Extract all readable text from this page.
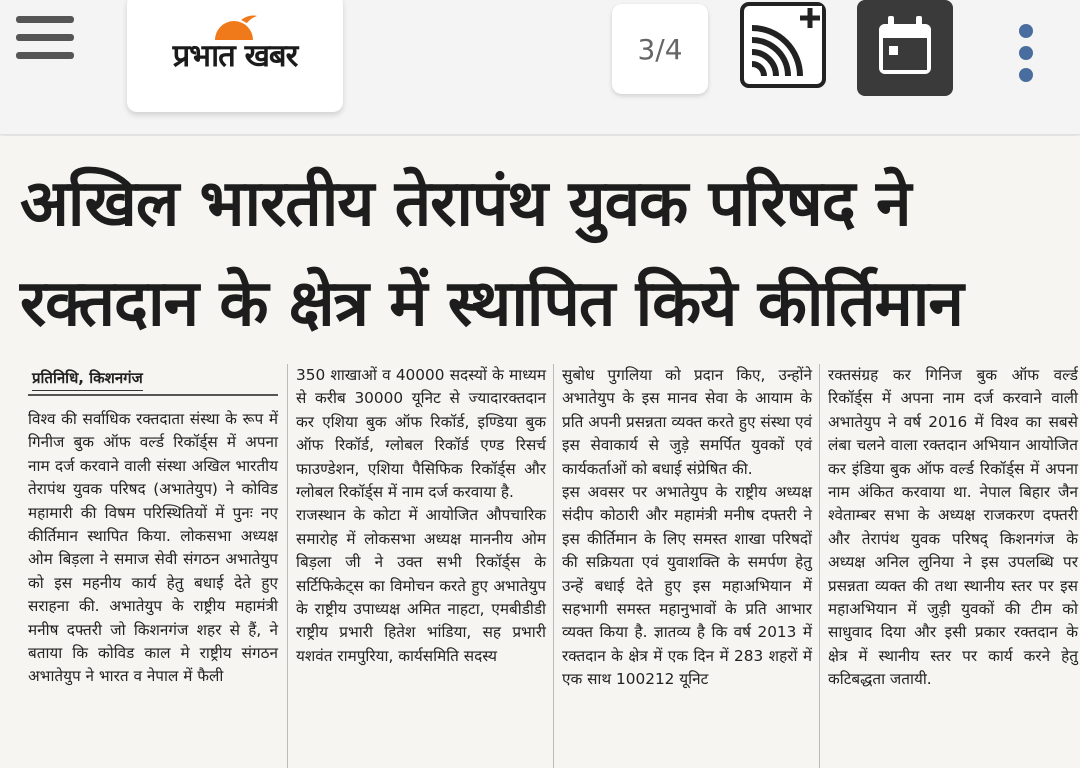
प्रभात खबर	3/4
अखिल भारतीय तेरापंथ युवक परिषद ने
रक्तदान के क्षेत्र में स्थापित किये कीर्तिमान
प्रतिनिधि, किशनगंज
विश्व की सर्वाधिक रक्तदाता संस्था के रूप में गिनीज बुक ऑफ वर्ल्ड रिकॉर्ड्स में अपना नाम दर्ज करवाने वाली संस्था अखिल भारतीय तेरापंथ युवक परिषद (अभातेयुप) ने कोविड महामारी की विषम परिस्थितियों में पुनः नए कीर्तिमान स्थापित किया. लोकसभा अध्यक्ष ओम बिड़ला ने समाज सेवी संगठन अभातेयुप को इस महनीय कार्य हेतु बधाई देते हुए सराहना की. अभातेयुप के राष्ट्रीय महामंत्री मनीष दफ्तरी जो किशनगंज शहर से हैं, ने बताया कि कोविड काल मे राष्ट्रीय संगठन अभातेयुप ने भारत व नेपाल में फैली
350 शाखाओं व 40000 सदस्यों के माध्यम से करीब 30000 यूनिट से ज्यादारक्तदान कर एशिया बुक ऑफ रिकॉर्ड, इण्डिया बुक ऑफ रिकॉर्ड, ग्लोबल रिकॉर्ड एण्ड रिसर्च फाउण्डेशन, एशिया पैसिफिक रिकॉर्ड्स और ग्लोबल रिकॉर्ड्स में नाम दर्ज करवाया है.
राजस्थान के कोटा में आयोजित औपचारिक समारोह में लोकसभा अध्यक्ष माननीय ओम बिड़ला जी ने उक्त सभी रिकॉर्ड्स के सर्टिफिकेट्स का विमोचन करते हुए अभातेयुप के राष्ट्रीय उपाध्यक्ष अमित नाहटा, एमबीडीडी राष्ट्रीय प्रभारी हितेश भांडिया, सह प्रभारी यशवंत रामपुरिया, कार्यसमिति सदस्य
सुबोध पुगलिया को प्रदान किए, उन्होंने अभातेयुप के इस मानव सेवा के आयाम के प्रति अपनी प्रसन्नता व्यक्त करते हुए संस्था एवं इस सेवाकार्य से जुड़े समर्पित युवकों एवं कार्यकर्ताओं को बधाई संप्रेषित की.
इस अवसर पर अभातेयुप के राष्ट्रीय अध्यक्ष संदीप कोठारी और महामंत्री मनीष दफ्तरी ने इस कीर्तिमान के लिए समस्त शाखा परिषदों की सक्रियता एवं युवाशक्ति के समर्पण हेतु उन्हें बधाई देते हुए इस महाअभियान में सहभागी समस्त महानुभावों के प्रति आभार व्यक्त किया है. ज्ञातव्य है कि वर्ष 2013 में रक्तदान के क्षेत्र में एक दिन में 283 शहरों में एक साथ 100212 यूनिट
रक्तसंग्रह कर गिनिज बुक ऑफ वर्ल्ड रिकॉर्ड्स में अपना नाम दर्ज करवाने वाली अभातेयुप ने वर्ष 2016 में विश्व का सबसे लंबा चलने वाला रक्तदान अभियान आयोजित कर इंडिया बुक ऑफ वर्ल्ड रिकॉर्ड्स में अपना नाम अंकित करवाया था. नेपाल बिहार जैन श्वेताम्बर सभा के अध्यक्ष राजकरण दफ्तरी और तेरापंथ युवक परिषद् किशनगंज के अध्यक्ष अनिल लुनिया ने इस उपलब्धि पर प्रसन्नता व्यक्त की तथा स्थानीय स्तर पर इस महाअभियान में जुड़ी युवकों की टीम को साधुवाद दिया और इसी प्रकार रक्तदान के क्षेत्र में स्थानीय स्तर पर कार्य करने हेतु कटिबद्धता जतायी.
